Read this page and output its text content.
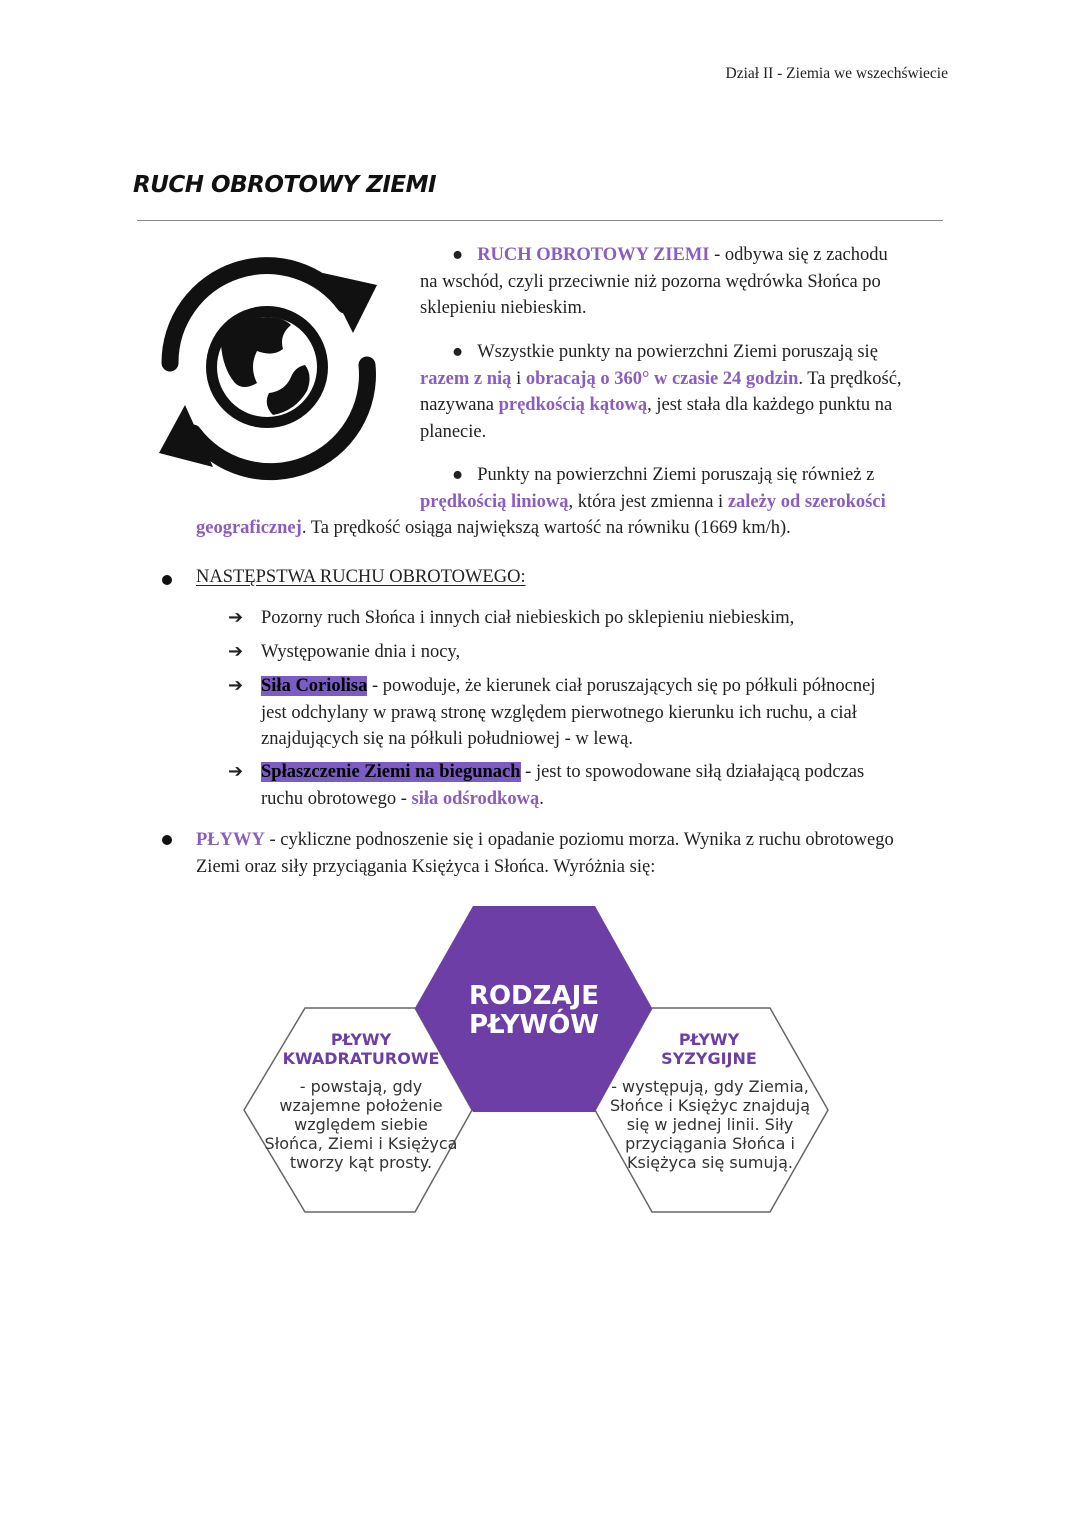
Dział II - Ziemia we wszechświecie
RUCH OBROTOWY ZIEMI
● RUCH OBROTOWY ZIEMI - odbywa się z zachodu
na wschód, czyli przeciwnie niż pozorna wędrówka Słońca po
sklepieniu niebieskim.
● Wszystkie punkty na powierzchni Ziemi poruszają się
razem z nią i obracają o 360° w czasie 24 godzin. Ta prędkość,
nazywana prędkością kątową, jest stała dla każdego punktu na
planecie.
● Punkty na powierzchni Ziemi poruszają się również z
prędkością liniową, która jest zmienna i zależy od szerokości
geograficznej. Ta prędkość osiąga największą wartość na równiku (1669 km/h).
NASTĘPSTWA RUCHU OBROTOWEGO:
➔ Pozorny ruch Słońca i innych ciał niebieskich po sklepieniu niebieskim,
➔ Występowanie dnia i nocy,
➔ Siła Coriolisa - powoduje, że kierunek ciał poruszających się po półkuli północnej
jest odchylany w prawą stronę względem pierwotnego kierunku ich ruchu, a ciał
znajdujących się na półkuli południowej - w lewą.
➔ Spłaszczenie Ziemi na biegunach - jest to spowodowane siłą działającą podczas
ruchu obrotowego - siła odśrodkową.
PŁYWY - cykliczne podnoszenie się i opadanie poziomu morza. Wynika z ruchu obrotowego
Ziemi oraz siły przyciągania Księżyca i Słońca. Wyróżnia się:
RODZAJE
PŁYWÓW
PŁYWY
KWADRATUROWE
- powstają, gdy
wzajemne położenie
względem siebie
Słońca, Ziemi i Księżyca
tworzy kąt prosty.
PŁYWY
SYZYGIJNE
- występują, gdy Ziemia,
Słońce i Księżyc znajdują
się w jednej linii. Siły
przyciągania Słońca i
Księżyca się sumują.
